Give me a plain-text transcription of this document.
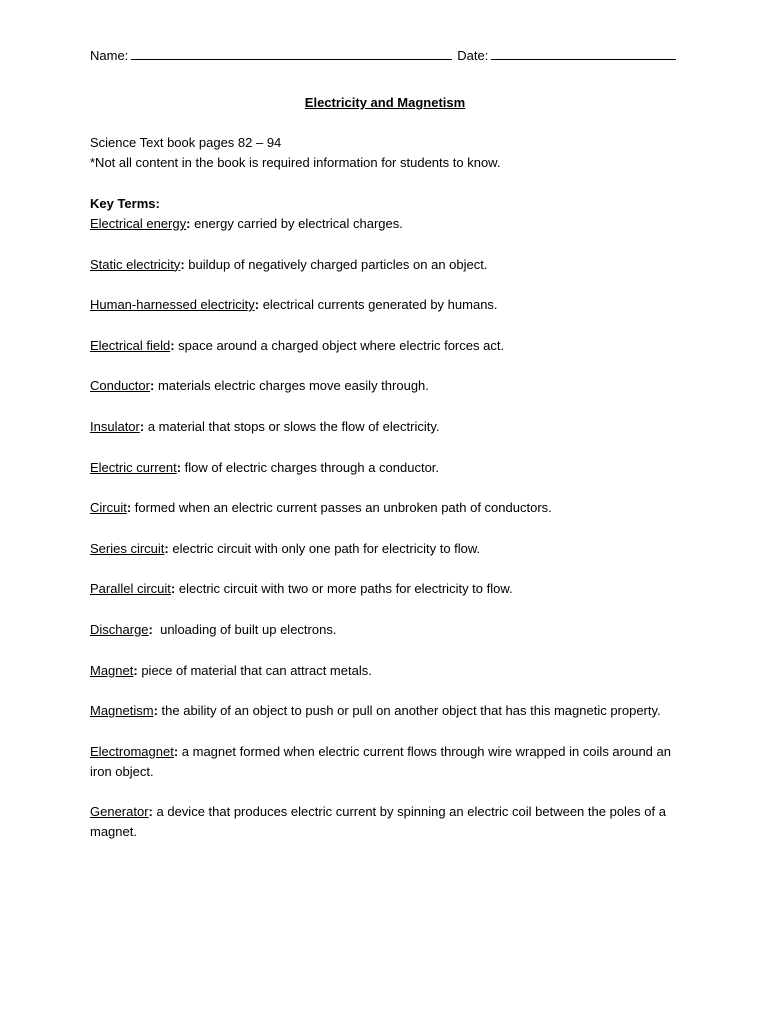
Name:	Date:
Electricity and Magnetism
Science Text book pages 82 – 94
*Not all content in the book is required information for students to know.
Key Terms:
Electrical energy: energy carried by electrical charges.
Static electricity: buildup of negatively charged particles on an object.
Human-harnessed electricity: electrical currents generated by humans.
Electrical field: space around a charged object where electric forces act.
Conductor: materials electric charges move easily through.
Insulator: a material that stops or slows the flow of electricity.
Electric current: flow of electric charges through a conductor.
Circuit: formed when an electric current passes an unbroken path of conductors.
Series circuit: electric circuit with only one path for electricity to flow.
Parallel circuit: electric circuit with two or more paths for electricity to flow.
Discharge:  unloading of built up electrons.
Magnet: piece of material that can attract metals.
Magnetism: the ability of an object to push or pull on another object that has this magnetic property.
Electromagnet: a magnet formed when electric current flows through wire wrapped in coils around an iron object.
Generator: a device that produces electric current by spinning an electric coil between the poles of a magnet.
